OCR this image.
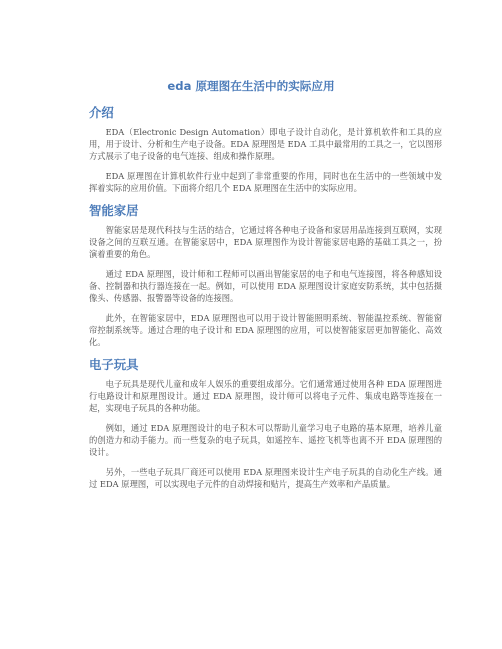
eda 原理图在生活中的实际应用
介绍

EDA（Electronic Design Automation）即电子设计自动化，是计算机软件和工具的应用，用于设计、分析和生产电子设备。EDA 原理图是 EDA 工具中最常用的工具之一，它以图形方式展示了电子设备的电气连接、组成和操作原理。

EDA 原理图在计算机软件行业中起到了非常重要的作用，同时也在生活中的一些领域中发挥着实际的应用价值。下面将介绍几个 EDA 原理图在生活中的实际应用。

智能家居

智能家居是现代科技与生活的结合，它通过将各种电子设备和家居用品连接到互联网，实现设备之间的互联互通。在智能家居中，EDA 原理图作为设计智能家居电路的基础工具之一，扮演着重要的角色。

通过 EDA 原理图，设计师和工程师可以画出智能家居的电子和电气连接图，将各种感知设备、控制器和执行器连接在一起。例如，可以使用 EDA 原理图设计家庭安防系统，其中包括摄像头、传感器、报警器等设备的连接图。

此外，在智能家居中，EDA 原理图也可以用于设计智能照明系统、智能温控系统、智能窗帘控制系统等。通过合理的电子设计和 EDA 原理图的应用，可以使智能家居更加智能化、高效化。

电子玩具

电子玩具是现代儿童和成年人娱乐的重要组成部分。它们通常通过使用各种 EDA 原理图进行电路设计和原理图设计。通过 EDA 原理图，设计师可以将电子元件、集成电路等连接在一起，实现电子玩具的各种功能。

例如，通过 EDA 原理图设计的电子积木可以帮助儿童学习电子电路的基本原理，培养儿童的创造力和动手能力。而一些复杂的电子玩具，如遥控车、遥控飞机等也离不开 EDA 原理图的设计。

另外，一些电子玩具厂商还可以使用 EDA 原理图来设计生产电子玩具的自动化生产线。通过 EDA 原理图，可以实现电子元件的自动焊接和贴片，提高生产效率和产品质量。
